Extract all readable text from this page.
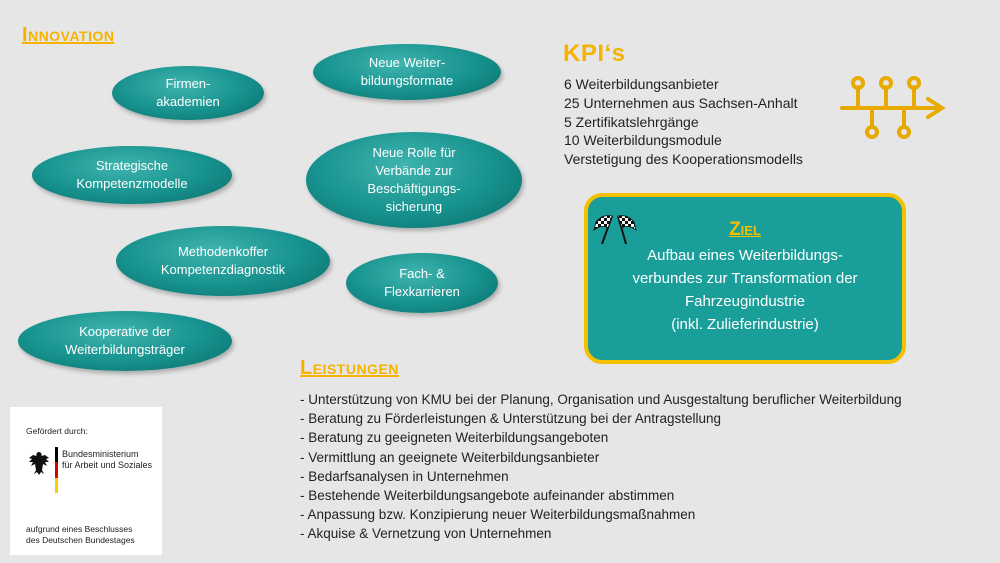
Innovation
Firmen-
akademien
Neue Weiter-
bildungsformate
Strategische
Kompetenzmodelle
Neue Rolle für
Verbände zur
Beschäftigungs-
sicherung
Methodenkoffer
Kompetenzdiagnostik	Fach- &
Flexkarrieren
Kooperative der
Weiterbildungsträger
KPI‘s
6 Weiterbildungsanbieter
25 Unternehmen aus Sachsen-Anhalt
5 Zertifikatslehrgänge
10 Weiterbildungsmodule
Verstetigung des Kooperationsmodells
Ziel
Aufbau eines Weiterbildungs-
verbundes zur Transformation der
Fahrzeugindustrie
(inkl. Zulieferindustrie)
Leistungen
- Unterstützung von KMU bei der Planung, Organisation und Ausgestaltung beruflicher Weiterbildung
- Beratung zu Förderleistungen & Unterstützung bei der Antragstellung
- Beratung zu geeigneten Weiterbildungsangeboten
- Vermittlung an geeignete Weiterbildungsanbieter
- Bedarfsanalysen in Unternehmen
- Bestehende Weiterbildungsangebote aufeinander abstimmen
- Anpassung bzw. Konzipierung neuer Weiterbildungsmaßnahmen
- Akquise & Vernetzung von Unternehmen
Gefördert durch:
Bundesministerium
für Arbeit und Soziales
aufgrund eines Beschlusses
des Deutschen Bundestages
